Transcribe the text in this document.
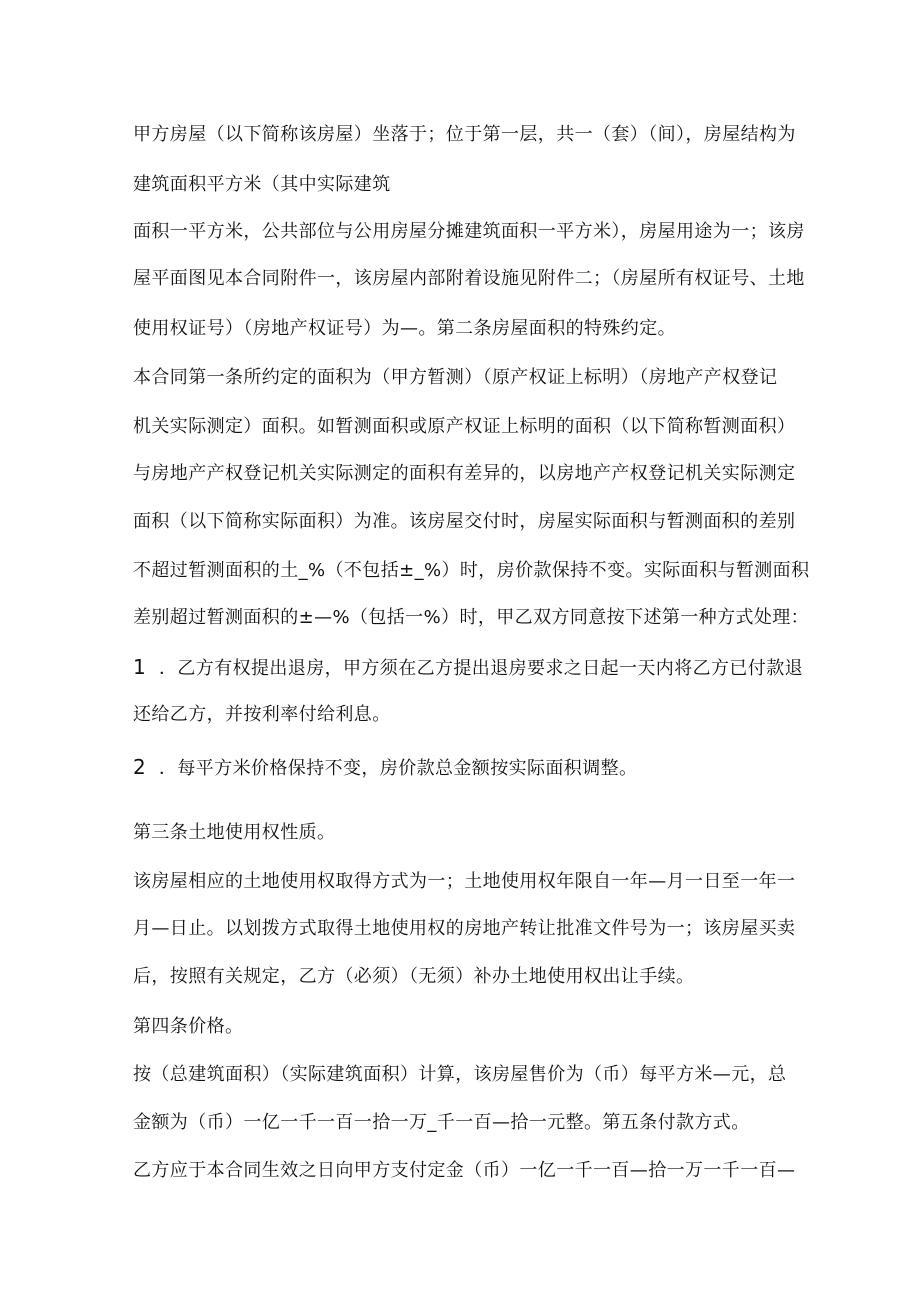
甲方房屋（以下简称该房屋）坐落于；位于第一层，共一（套）（间），房屋结构为
建筑面积平方米（其中实际建筑
面积一平方米，公共部位与公用房屋分摊建筑面积一平方米），房屋用途为一；该房
屋平面图见本合同附件一，该房屋内部附着设施见附件二；（房屋所有权证号、土地
使用权证号）（房地产权证号）为—。第二条房屋面积的特殊约定。
本合同第一条所约定的面积为（甲方暂测）（原产权证上标明）（房地产产权登记
机关实际测定）面积。如暂测面积或原产权证上标明的面积（以下简称暂测面积）
与房地产产权登记机关实际测定的面积有差异的，以房地产产权登记机关实际测定
面积（以下简称实际面积）为准。该房屋交付时，房屋实际面积与暂测面积的差别
不超过暂测面积的土_%（不包括±_%）时，房价款保持不变。实际面积与暂测面积
差别超过暂测面积的±—%（包括一%）时，甲乙双方同意按下述第一种方式处理：
1 ．乙方有权提出退房，甲方须在乙方提出退房要求之日起一天内将乙方已付款退
还给乙方，并按利率付给利息。
2 ．每平方米价格保持不变，房价款总金额按实际面积调整。
第三条土地使用权性质。
该房屋相应的土地使用权取得方式为一；土地使用权年限自一年—月一日至一年一
月—日止。以划拨方式取得土地使用权的房地产转让批准文件号为一；该房屋买卖
后，按照有关规定，乙方（必须）（无须）补办土地使用权出让手续。
第四条价格。
按（总建筑面积）（实际建筑面积）计算，该房屋售价为（币）每平方米—元，总
金额为（币）一亿一千一百一拾一万_千一百—拾一元整。第五条付款方式。
乙方应于本合同生效之日向甲方支付定金（币）一亿一千一百—拾一万一千一百—
